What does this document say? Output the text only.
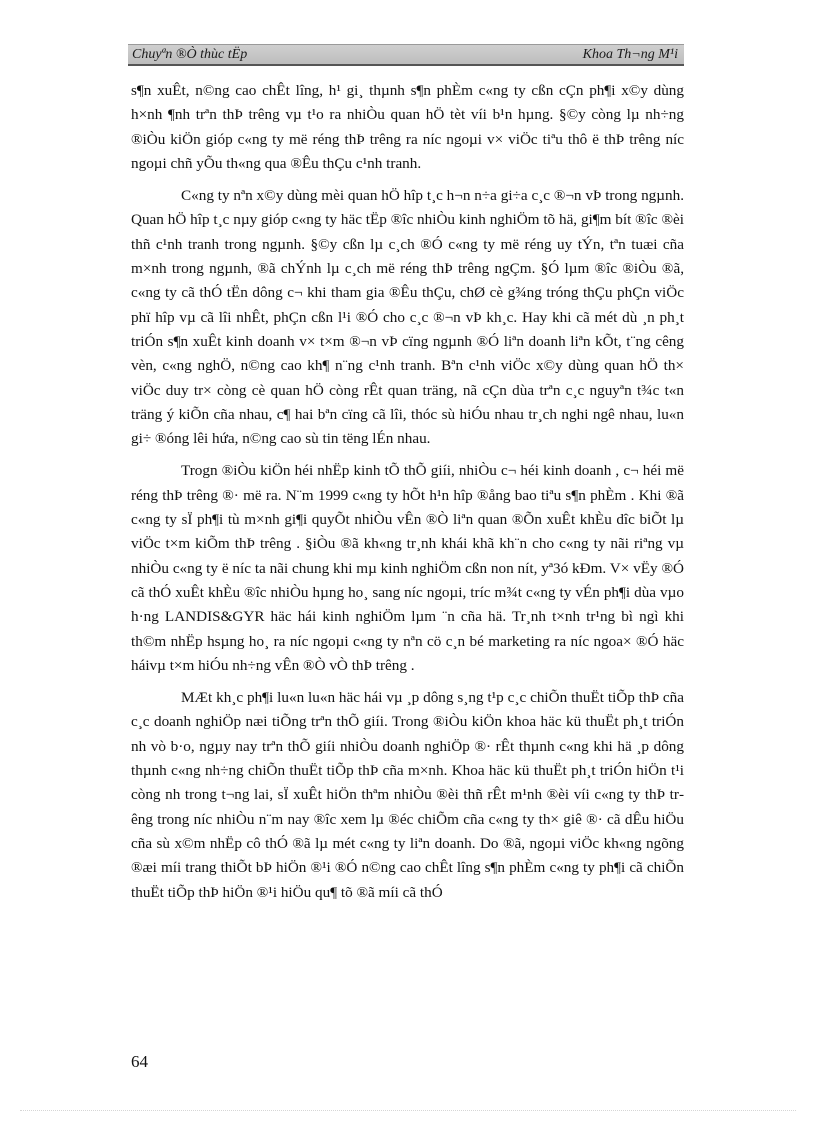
Chuyªn ®Ò thùc tËp	Khoa Th¬ng M¹i

s¶n xuÊt, n©ng cao chÊt lîng, h¹ gi¸ thµnh s¶n phÈm c«ng ty cßn cÇn ph¶i x©y dùng h×nh ¶nh trªn thÞ trêng vµ t¹o ra nhiÒu quan hÖ tèt víi b¹n hµng. §©y còng lµ nh÷ng ®iÒu kiÖn gióp c«ng ty më réng thÞ trêng ra níc ngoµi v× viÖc tiªu thô ë thÞ trêng níc ngoµi chñ yÕu th«ng qua ®Êu thÇu c¹nh tranh.

C«ng ty nªn x©y dùng mèi quan hÖ hîp t¸c h¬n n÷a gi÷a c¸c ®¬n vÞ trong ngµnh. Quan hÖ hîp t¸c nµy gióp c«ng ty häc tËp ®îc nhiÒu kinh nghiÖm tõ hä, gi¶m bít ®îc ®èi thñ c¹nh tranh trong ngµnh. §©y cßn lµ c¸ch ®Ó c«ng ty më réng uy tÝn, tªn tuæi cña m×nh trong ngµnh, ®ã chÝnh lµ c¸ch më réng thÞ trêng ngÇm. §Ó lµm ®îc ®iÒu ®ã, c«ng ty cã thÓ tËn dông c¬ khi tham gia ®Êu thÇu, chØ cè g¾ng tróng thÇu phÇn viÖc phï hîp vµ cã lîi nhÊt, phÇn cßn l¹i ®Ó cho c¸c ®¬n vÞ kh¸c. Hay khi cã mét dù ¸n ph¸t triÓn s¶n xuÊt kinh doanh v× t×m ®¬n vÞ cïng ngµnh ®Ó liªn doanh liªn kÕt, t¨ng cêng vèn, c«ng nghÖ, n©ng cao kh¶ n¨ng c¹nh tranh. Bªn c¹nh viÖc x©y dùng quan hÖ th× viÖc duy tr× còng cè quan hÖ còng rÊt quan träng, nã cÇn dùa trªn c¸c nguyªn t¾c t«n träng ý kiÕn cña nhau, c¶ hai bªn cïng cã lîi, thóc sù hiÓu nhau tr¸ch nghi ngê nhau, lu«n gi÷ ®óng lêi hứa, n©ng cao sù tin tëng lÉn nhau.

Trogn ®iÒu kiÖn héi nhËp kinh tÕ thÕ giíi, nhiÒu c¬ héi kinh doanh , c¬ héi më réng thÞ trêng ®· më ra. N¨m 1999 c«ng ty hÕt h¹n hîp ®ång bao tiªu s¶n phÈm . Khi ®ã c«ng ty sÏ ph¶i tù m×nh gi¶i quyÕt nhiÒu vÊn ®Ò liªn quan ®Õn xuÊt khÈu dîc biÕt lµ viÖc t×m kiÕm thÞ trêng . §iÒu ®ã kh«ng tr¸nh khái khã kh¨n cho c«ng ty nãi riªng vµ nhiÒu c«ng ty ë níc ta nãi chung khi mµ kinh nghiÖm cßn non nít, yª3ó kÐm. V× vËy ®Ó cã thÓ xuÊt khÈu ®îc nhiÒu hµng ho¸ sang níc ngoµi, tríc m¾t c«ng ty vÉn ph¶i dùa vµo h·ng LANDIS&GYR häc hái kinh nghiÖm lµm ¨n cña hä. Tr¸nh t×nh tr¹ng bì ngì khi th©m nhËp hsµng ho¸ ra níc ngoµi c«ng ty nªn cö c¸n bé marketing ra níc ngoa× ®Ó häc háivµ t×m hiÓu nh÷ng vÊn ®Ò vÒ thÞ trêng .

MÆt kh¸c ph¶i lu«n lu«n häc hái vµ ¸p dông s¸ng t¹p c¸c chiÕn thuËt tiÕp thÞ cña c¸c doanh nghiÖp næi tiÕng trªn thÕ giíi. Trong ®iÒu kiÖn khoa häc kü thuËt ph¸t triÓn nh vò b·o, ngµy nay trªn thÕ giíi nhiÒu doanh nghiÖp ®· rÊt thµnh c«ng khi hä ¸p dông thµnh c«ng nh÷ng chiÕn thuËt tiÕp thÞ cña m×nh. Khoa häc kü thuËt ph¸t triÓn hiÖn t¹i còng nh trong t¬ng lai, sÏ xuÊt hiÖn thªm nhiÒu ®èi thñ rÊt m¹nh ®èi víi c«ng ty thÞ trêng trong níc nhiÒu n¨m nay ®îc xem lµ ®éc chiÕm cña c«ng ty th× giê ®· cã dÊu hiÖu cña sù x©m nhËp cô thÓ ®ã lµ mét c«ng ty liªn doanh. Do ®ã, ngoµi viÖc kh«ng ngõng ®æi míi trang thiÕt bÞ hiÖn ®¹i ®Ó n©ng cao chÊt lîng s¶n phÈm c«ng ty ph¶i cã chiÕn thuËt tiÕp thÞ hiÖn ®¹i hiÖu qu¶ tõ ®ã míi cã thÓ

64
